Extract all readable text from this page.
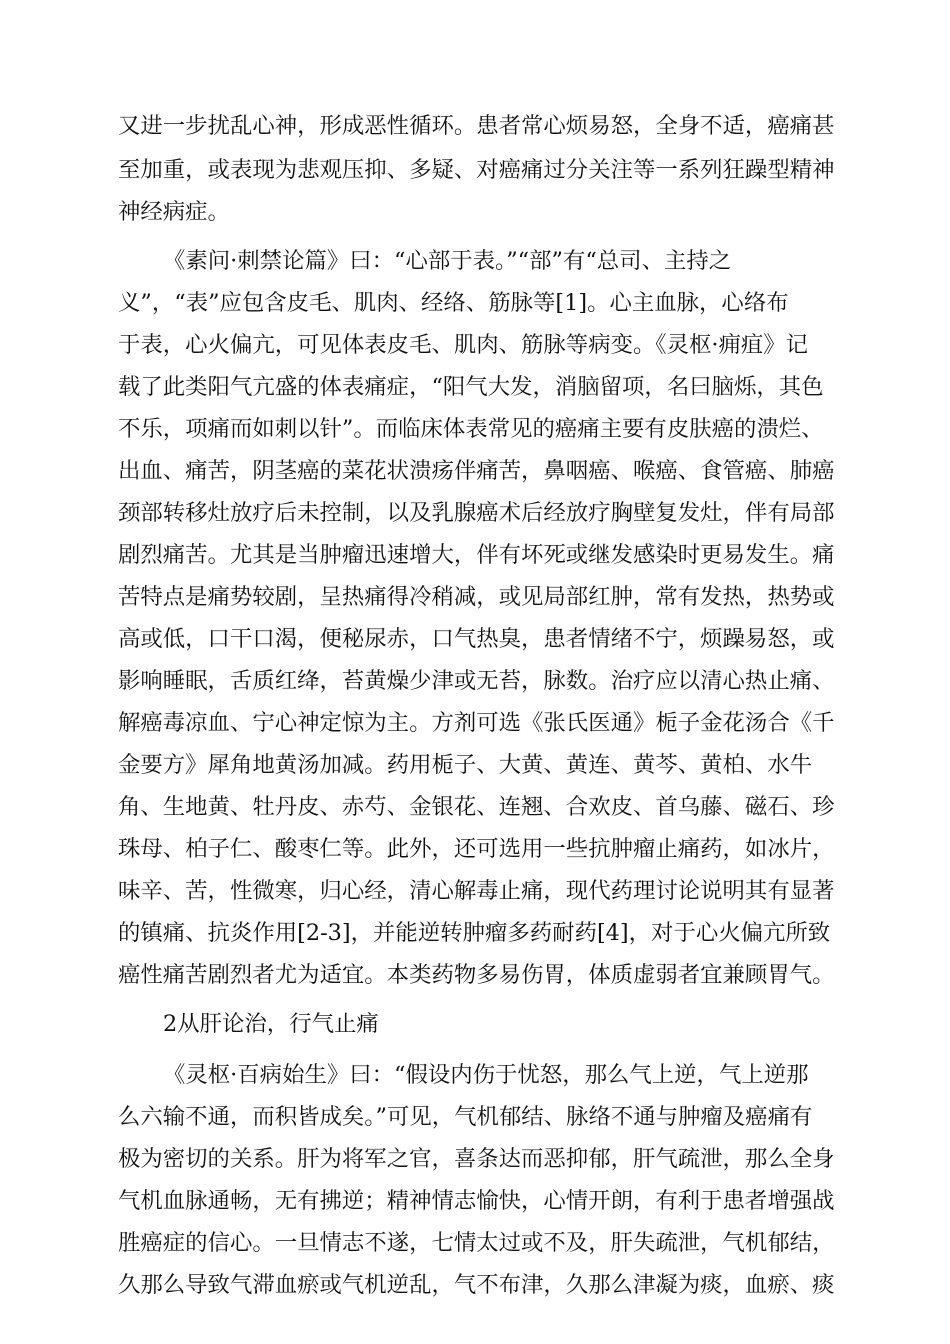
又进一步扰乱心神，形成恶性循环。患者常心烦易怒，全身不适，癌痛甚
至加重，或表现为悲观压抑、多疑、对癌痛过分关注等一系列狂躁型精神
神经病症。
《素问·刺禁论篇》曰：“心部于表。”“部”有“总司、主持之
义”，“表”应包含皮毛、肌肉、经络、筋脉等[1]。心主血脉，心络布
于表，心火偏亢，可见体表皮毛、肌肉、筋脉等病变。《灵枢·痈疽》记
载了此类阳气亢盛的体表痛症，“阳气大发，消脑留项，名曰脑烁，其色
不乐，项痛而如刺以针”。而临床体表常见的癌痛主要有皮肤癌的溃烂、
出血、痛苦，阴茎癌的菜花状溃疡伴痛苦，鼻咽癌、喉癌、食管癌、肺癌
颈部转移灶放疗后未控制，以及乳腺癌术后经放疗胸壁复发灶，伴有局部
剧烈痛苦。尤其是当肿瘤迅速增大，伴有坏死或继发感染时更易发生。痛
苦特点是痛势较剧，呈热痛得冷稍减，或见局部红肿，常有发热，热势或
高或低，口干口渴，便秘尿赤，口气热臭，患者情绪不宁，烦躁易怒，或
影响睡眠，舌质红绛，苔黄燥少津或无苔，脉数。治疗应以清心热止痛、
解癌毒凉血、宁心神定惊为主。方剂可选《张氏医通》栀子金花汤合《千
金要方》犀角地黄汤加减。药用栀子、大黄、黄连、黄芩、黄柏、水牛
角、生地黄、牡丹皮、赤芍、金银花、连翘、合欢皮、首乌藤、磁石、珍
珠母、柏子仁、酸枣仁等。此外，还可选用一些抗肿瘤止痛药，如冰片，
味辛、苦，性微寒，归心经，清心解毒止痛，现代药理讨论说明其有显著
的镇痛、抗炎作用[2-3]，并能逆转肿瘤多药耐药[4]，对于心火偏亢所致
癌性痛苦剧烈者尤为适宜。本类药物多易伤胃，体质虚弱者宜兼顾胃气。
2从肝论治，行气止痛
《灵枢·百病始生》曰：“假设内伤于忧怒，那么气上逆，气上逆那
么六输不通，而积皆成矣。”可见，气机郁结、脉络不通与肿瘤及癌痛有
极为密切的关系。肝为将军之官，喜条达而恶抑郁，肝气疏泄，那么全身
气机血脉通畅，无有拂逆；精神情志愉快，心情开朗，有利于患者增强战
胜癌症的信心。一旦情志不遂，七情太过或不及，肝失疏泄，气机郁结，
久那么导致气滞血瘀或气机逆乱，气不布津，久那么津凝为痰，血瘀、痰
